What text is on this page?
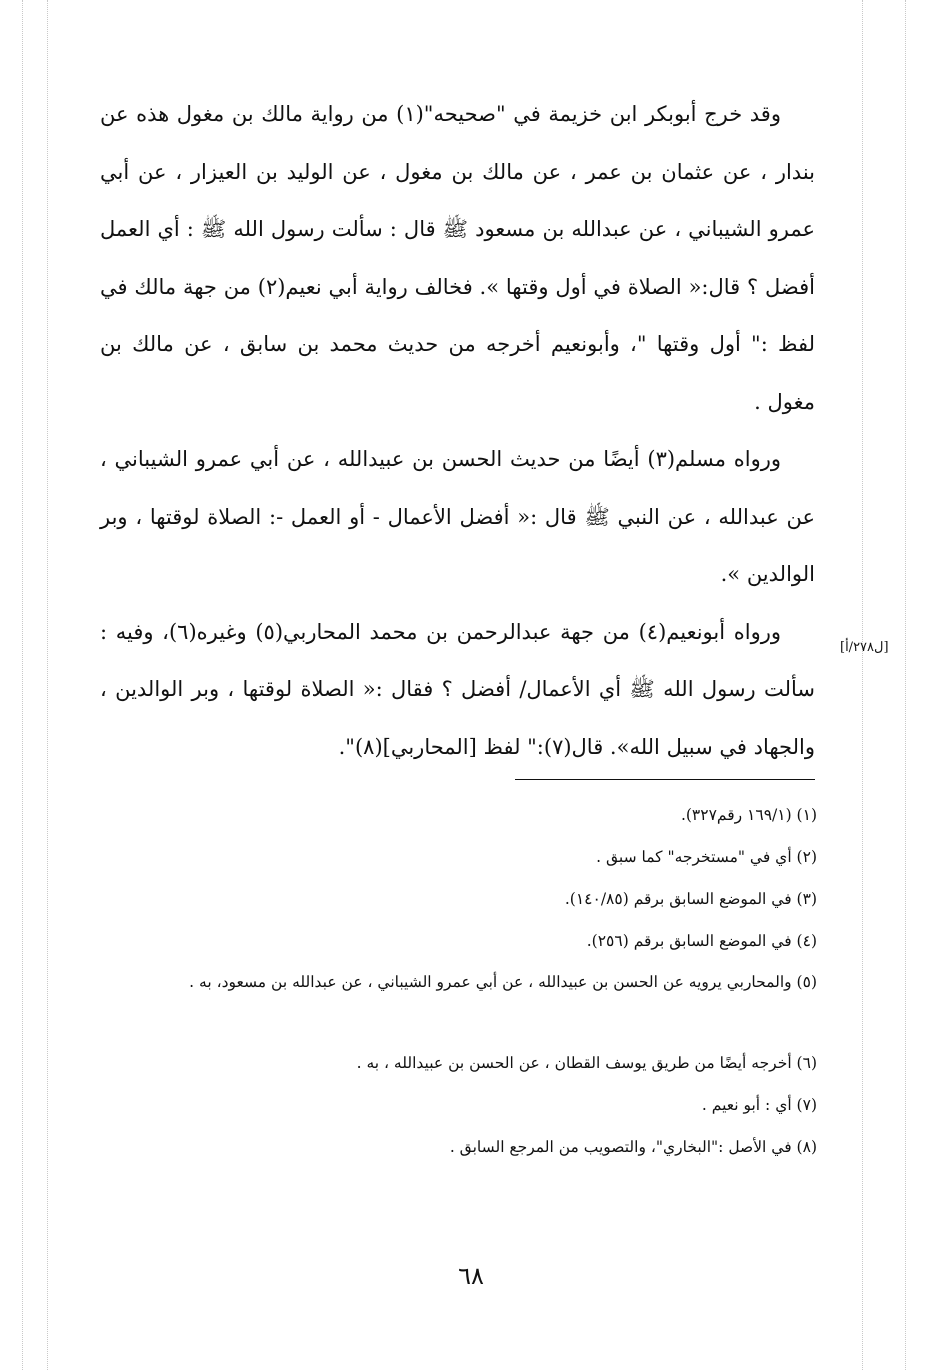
وقد خرج أبوبكر ابن خزيمة في "صحيحه"(١) من رواية مالك بن مغول هذه عن بندار ، عن عثمان بن عمر ، عن مالك بن مغول ، عن الوليد بن العيزار ، عن أبي عمرو الشيباني ، عن عبدالله بن مسعود ﷺ قال : سألت رسول الله ﷺ : أي العمل أفضل ؟ قال:« الصلاة في أول وقتها ». فخالف رواية أبي نعيم(٢) من جهة مالك في لفظ :" أول وقتها "، وأبونعيم أخرجه من حديث محمد بن سابق ، عن مالك بن مغول .

ورواه مسلم(٣) أيضًا من حديث الحسن بن عبيدالله ، عن أبي عمرو الشيباني ، عن عبدالله ، عن النبي ﷺ قال :« أفضل الأعمال - أو العمل -: الصلاة لوقتها ، وبر الوالدين ».

ورواه أبونعيم(٤) من جهة عبدالرحمن بن محمد المحاربي(٥) وغيره(٦)، وفيه : سألت رسول الله ﷺ أي الأعمال/ أفضل ؟ فقال :« الصلاة لوقتها ، وبر الوالدين ، والجهاد في سبيل الله». قال(٧):" لفظ [المحاربي](٨)".

[ل٢٧٨/أ]
(١) (١٦٩/١ رقم٣٢٧).
(٢) أي في "مستخرجه" كما سبق .
(٣) في الموضع السابق برقم (١٤٠/٨٥).
(٤) في الموضع السابق برقم (٢٥٦).
(٥) والمحاربي يرويه عن الحسن بن عبيدالله ، عن أبي عمرو الشيباني ، عن عبدالله بن مسعود، به .
(٦) أخرجه أيضًا من طريق يوسف القطان ، عن الحسن بن عبيدالله ، به .
(٧) أي : أبو نعيم .
(٨) في الأصل :"البخاري"، والتصويب من المرجع السابق .
٦٨
